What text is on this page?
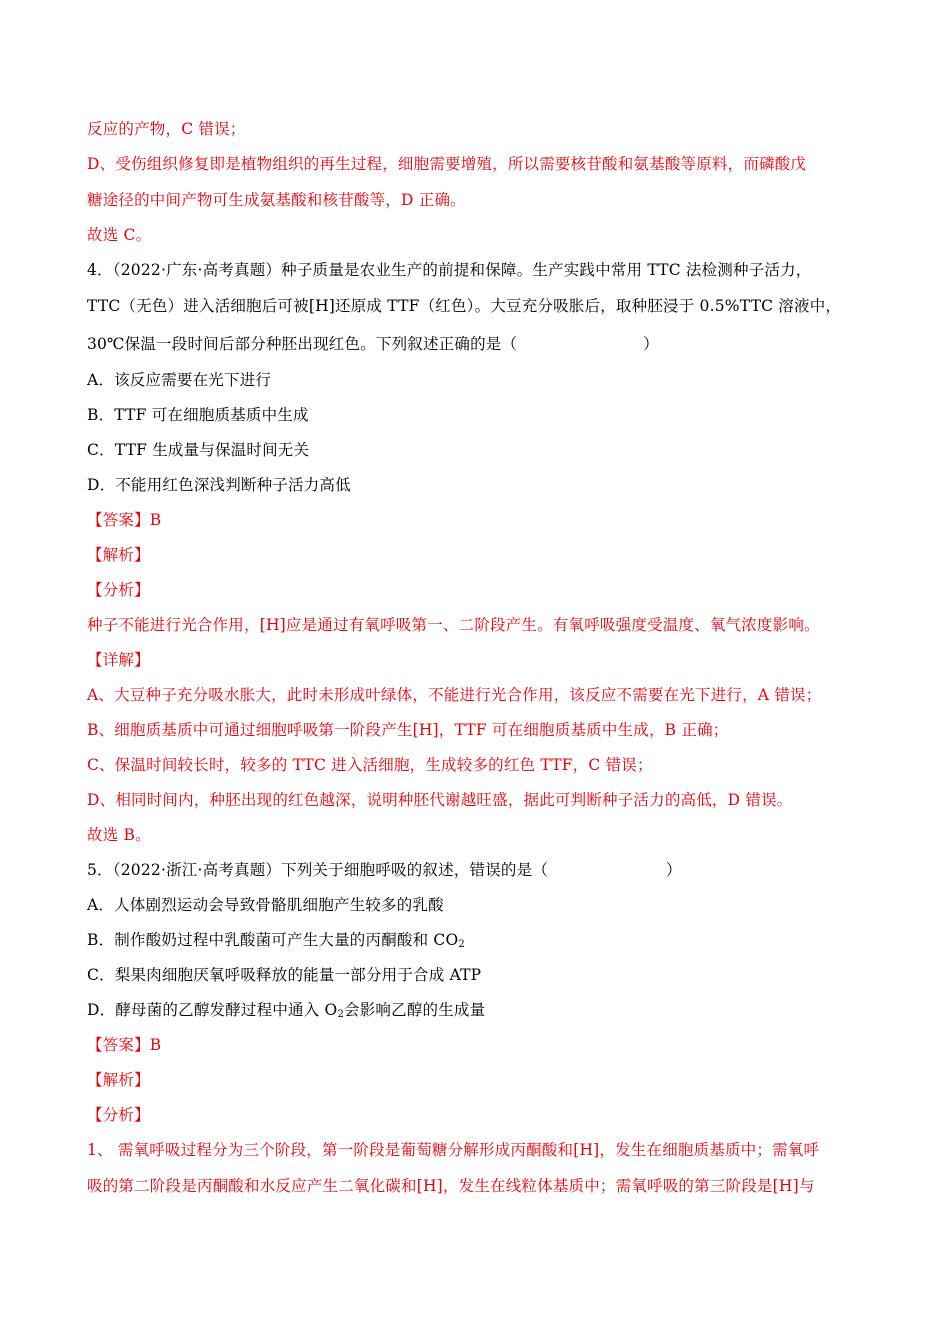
反应的产物，C 错误；
D、受伤组织修复即是植物组织的再生过程，细胞需要增殖，所以需要核苷酸和氨基酸等原料，而磷酸戊
糖途径的中间产物可生成氨基酸和核苷酸等，D 正确。
故选 C。
4．（2022·广东·高考真题）种子质量是农业生产的前提和保障。生产实践中常用 TTC 法检测种子活力，
TTC（无色）进入活细胞后可被[H]还原成 TTF（红色）。大豆充分吸胀后，取种胚浸于 0.5%TTC 溶液中，
30℃保温一段时间后部分种胚出现红色。下列叙述正确的是（	）
A．该反应需要在光下进行
B．TTF 可在细胞质基质中生成
C．TTF 生成量与保温时间无关
D．不能用红色深浅判断种子活力高低
【答案】B
【解析】
【分析】
种子不能进行光合作用，[H]应是通过有氧呼吸第一、二阶段产生。有氧呼吸强度受温度、氧气浓度影响。
【详解】
A、大豆种子充分吸水胀大，此时未形成叶绿体，不能进行光合作用，该反应不需要在光下进行，A 错误；
B、细胞质基质中可通过细胞呼吸第一阶段产生[H]，TTF 可在细胞质基质中生成，B 正确；
C、保温时间较长时，较多的 TTC 进入活细胞，生成较多的红色 TTF，C 错误；
D、相同时间内，种胚出现的红色越深，说明种胚代谢越旺盛，据此可判断种子活力的高低，D 错误。
故选 B。
5．（2022·浙江·高考真题）下列关于细胞呼吸的叙述，错误的是（	）
A．人体剧烈运动会导致骨骼肌细胞产生较多的乳酸
B．制作酸奶过程中乳酸菌可产生大量的丙酮酸和 $CO_2$
C．梨果肉细胞厌氧呼吸释放的能量一部分用于合成 ATP
D．酵母菌的乙醇发酵过程中通入 $O_2$会影响乙醇的生成量
【答案】B
【解析】
【分析】
1、 需氧呼吸过程分为三个阶段，第一阶段是葡萄糖分解形成丙酮酸和[H]，发生在细胞质基质中；需氧呼
吸的第二阶段是丙酮酸和水反应产生二氧化碳和[H]，发生在线粒体基质中；需氧呼吸的第三阶段是[H]与
